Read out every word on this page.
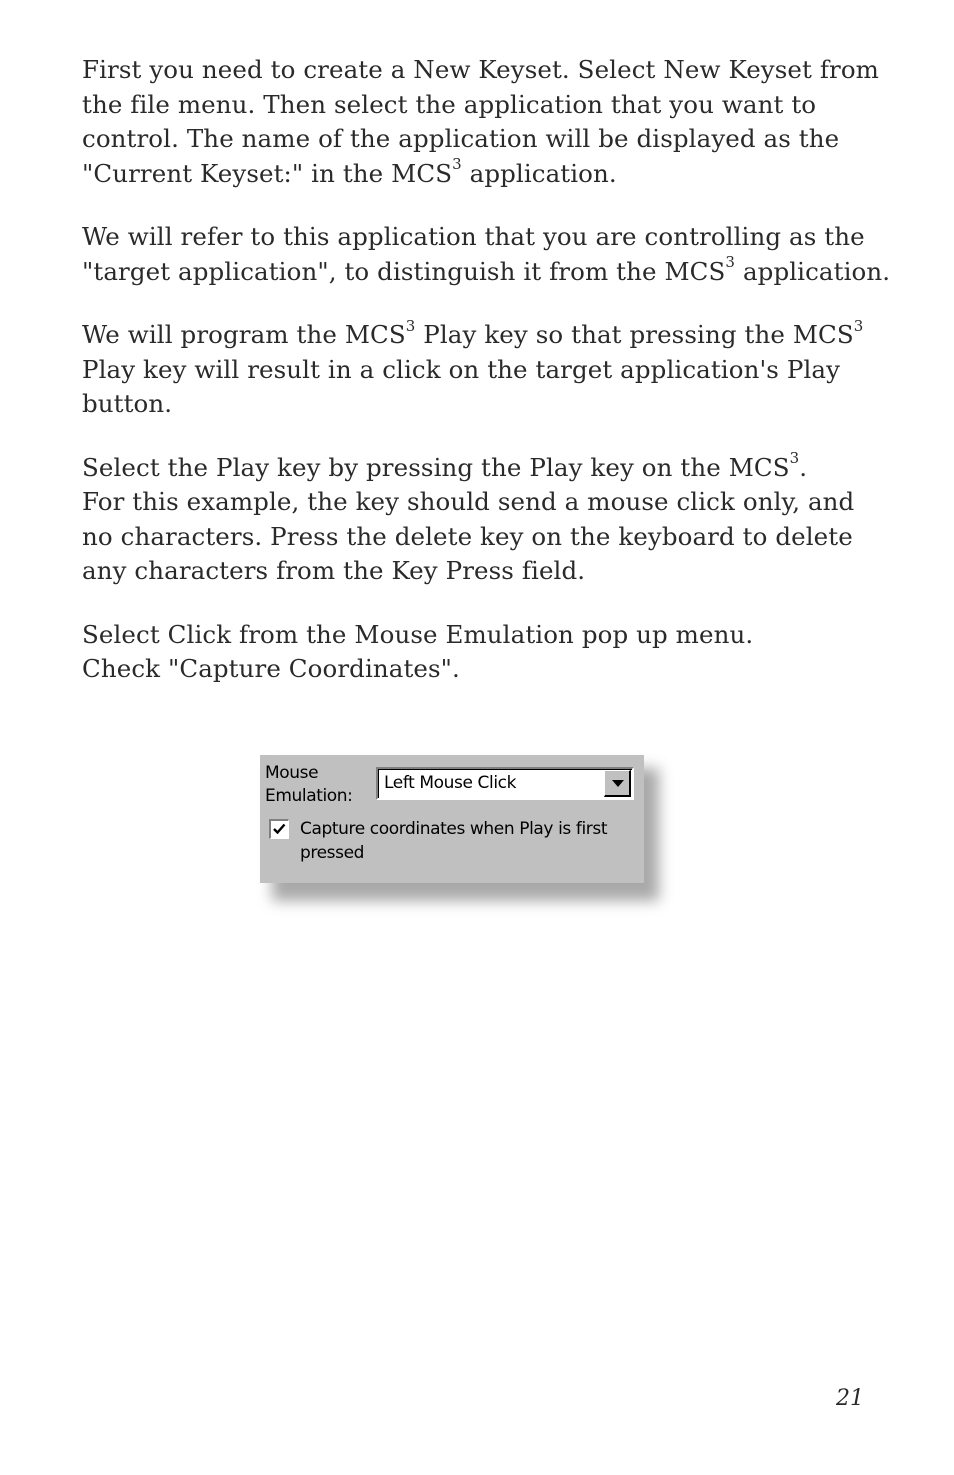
First you need to create a New Keyset. Select New Keyset from
the file menu. Then select the application that you want to
control. The name of the application will be displayed as the
"Current Keyset:" in the MCS$^3$ application.

We will refer to this application that you are controlling as the
"target application", to distinguish it from the MCS$^3$ application.

We will program the MCS$^3$ Play key so that pressing the MCS$^3$
Play key will result in a click on the target application's Play
button.

Select the Play key by pressing the Play key on the MCS$^3$.
For this example, the key should send a mouse click only, and
no characters. Press the delete key on the keyboard to delete
any characters from the Key Press field.

Select Click from the Mouse Emulation pop up menu.
Check "Capture Coordinates".

Mouse
Emulation:
Left Mouse Click
Capture coordinates when Play is first
pressed
21
